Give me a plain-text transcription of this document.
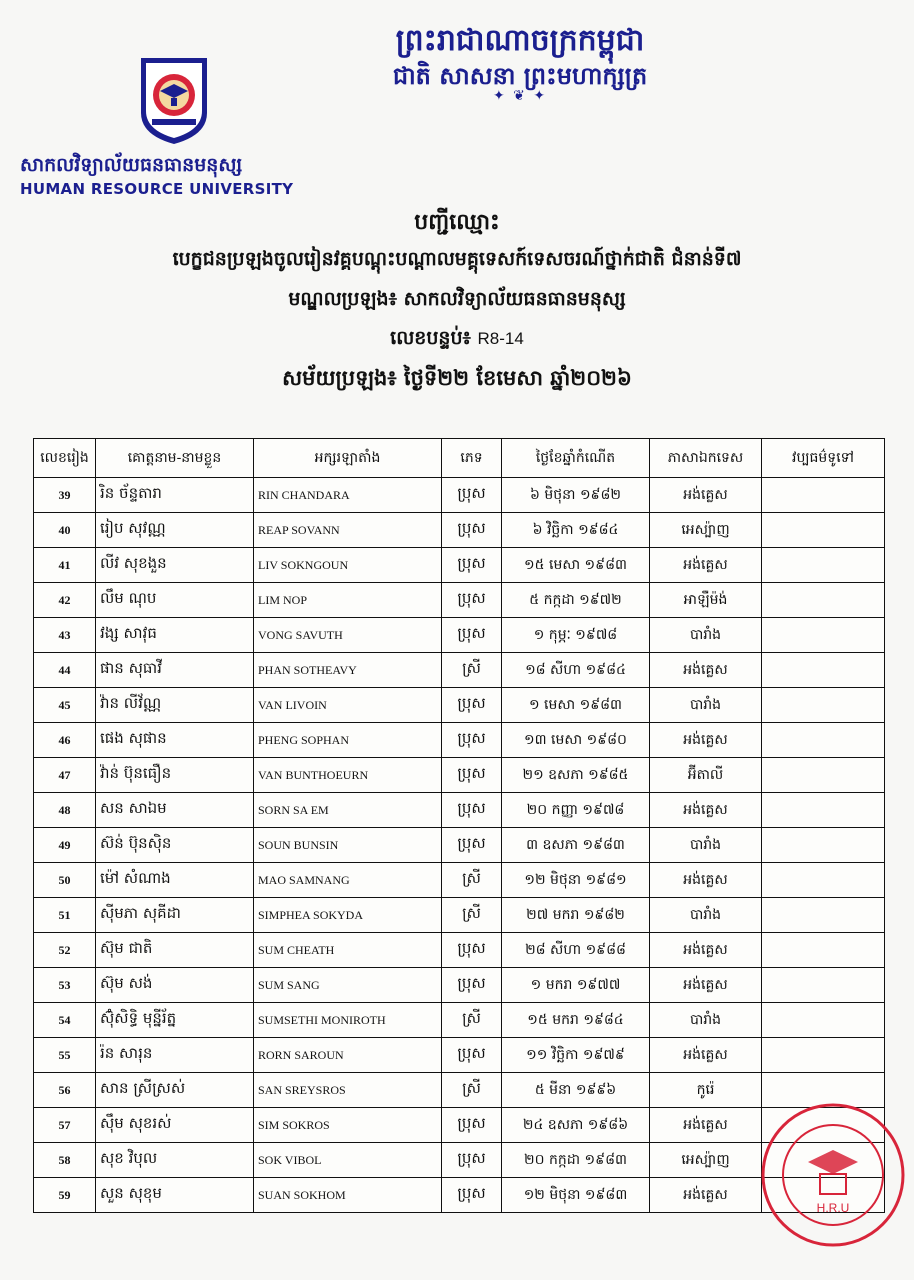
ព្រះរាជាណាចក្រកម្ពុជា
ជាតិ សាសនា ព្រះមហាក្សត្រ
✦ ❦ ✦
សាកលវិទ្យាល័យធនធានមនុស្ស
HUMAN RESOURCE UNIVERSITY
បញ្ជីឈ្មោះ
បេក្ខជនប្រឡងចូលរៀនវគ្គបណ្តុះបណ្តាលមគ្គុទេសក៍ទេសចរណ៍ថ្នាក់ជាតិ ជំនាន់ទី៧
មណ្ឌលប្រឡង៖ សាកលវិទ្យាល័យធនធានមនុស្ស
លេខបន្ទប់៖ R8-14
សម័យប្រឡង៖ ថ្ងៃទី២២ ខែមេសា ឆ្នាំ២០២៦
លេខរៀង	គោត្តនាម-នាមខ្លួន	អក្សរឡាតាំង	ភេទ	ថ្ងៃខែឆ្នាំកំណើត	ភាសាឯកទេស	វប្បធម៌ទូទៅ
39	រិន ច័ន្ទតារា	RIN CHANDARA	ប្រុស	៦ មិថុនា ១៩៨២	អង់គ្លេស	
40	រៀប សុវណ្ណ	REAP SOVANN	ប្រុស	៦ វិច្ឆិកា ១៩៨៤	អេស្ប៉ាញ	
41	លីវ សុខងួន	LIV SOKNGOUN	ប្រុស	១៥ មេសា ១៩៨៣	អង់គ្លេស	
42	លឹម ណុប	LIM NOP	ប្រុស	៥ កក្កដា ១៩៧២	អាឡឺម៉ង់	
43	វង្ស សាវុធ	VONG SAVUTH	ប្រុស	១ កុម្ភៈ ១៩៧៨	បារាំង	
44	ផាន សុធាវី	PHAN SOTHEAVY	ស្រី	១៨ សីហា ១៩៨៤	អង់គ្លេស	
45	វ៉ាន លីវ័ណ្ណ	VAN LIVOIN	ប្រុស	១ មេសា ១៩៨៣	បារាំង	
46	ផេង សុផាន	PHENG SOPHAN	ប្រុស	១៣ មេសា ១៩៨០	អង់គ្លេស	
47	វ៉ាន់ ប៊ុនធឿន	VAN BUNTHOEURN	ប្រុស	២១ ឧសភា ១៩៨៥	អ៊ីតាលី	
48	សន សាឯម	SORN SA EM	ប្រុស	២០ កញ្ញា ១៩៧៨	អង់គ្លេស	
49	ស៊ន់ ប៊ុនស៊ិន	SOUN BUNSIN	ប្រុស	៣ ឧសភា ១៩៨៣	បារាំង	
50	ម៉ៅ សំណាង	MAO SAMNANG	ស្រី	១២ មិថុនា ១៩៨១	អង់គ្លេស	
51	ស៊ីមភា សុគីដា	SIMPHEA SOKYDA	ស្រី	២៧ មករា ១៩៨២	បារាំង	
52	ស៊ុម ជាតិ	SUM CHEATH	ប្រុស	២៨ សីហា ១៩៨៨	អង់គ្លេស	
53	ស៊ុម សង់	SUM SANG	ប្រុស	១ មករា ១៩៧៧	អង់គ្លេស	
54	ស៊ុំសិទ្ធិ មុន្នីរ័ត្ន	SUMSETHI MONIROTH	ស្រី	១៥ មករា ១៩៨៤	បារាំង	
55	រ៉ន សារុន	RORN SAROUN	ប្រុស	១១ វិច្ឆិកា ១៩៧៩	អង់គ្លេស	
56	សាន ស្រីស្រស់	SAN SREYSROS	ស្រី	៥ មីនា ១៩៩៦	កូរ៉េ	
57	ស៊ឹម សុខរស់	SIM SOKROS	ប្រុស	២៤ ឧសភា ១៩៨៦	អង់គ្លេស	
58	សុខ វិបុល	SOK VIBOL	ប្រុស	២០ កក្កដា ១៩៨៣	អេស្ប៉ាញ	
59	សួន សុខុម	SUAN SOKHOM	ប្រុស	១២ មិថុនា ១៩៨៣	អង់គ្លេស	
H.R.U
